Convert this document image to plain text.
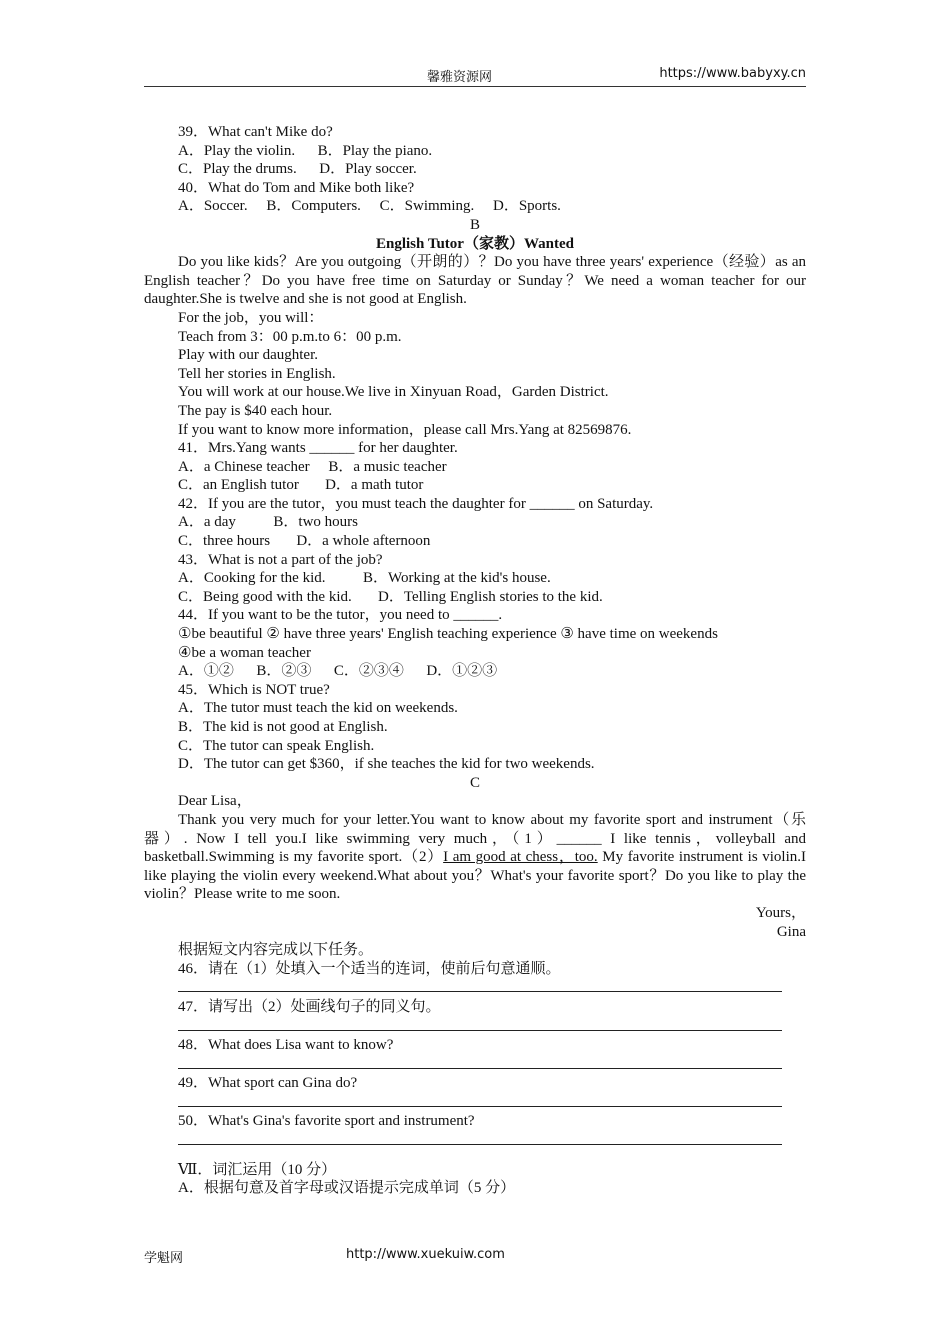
馨雅资源网	https://www.babyxy.cn
39．What can't Mike do?
A．Play the violin.      B．Play the piano.
C．Play the drums.      D．Play soccer.
40．What do Tom and Mike both like?
A．Soccer.     B．Computers.     C．Swimming.     D．Sports.
B
English Tutor（家教）Wanted
Do you like kids？Are you outgoing（开朗的）？Do you have three years' experience（经验）as an English teacher？Do you have free time on Saturday or Sunday？We need a woman teacher for our daughter.She is twelve and she is not good at English.
For the job，you will：
Teach from 3：00 p.m.to 6：00 p.m.
Play with our daughter.
Tell her stories in English.
You will work at our house.We live in Xinyuan Road，Garden District.
The pay is $40 each hour.
If you want to know more information，please call Mrs.Yang at 82569876.
41．Mrs.Yang wants ______ for her daughter.
A．a Chinese teacher     B．a music teacher
C．an English tutor       D．a math tutor
42．If you are the tutor，you must teach the daughter for ______ on Saturday.
A．a day          B．two hours
C．three hours       D．a whole afternoon
43．What is not a part of the job?
A．Cooking for the kid.          B．Working at the kid's house.
C．Being good with the kid.       D．Telling English stories to the kid.
44．If you want to be the tutor，you need to ______.
①be beautiful ② have three years' English teaching experience ③ have time on weekends
④be a woman teacher
A．①②      B．②③      C．②③④      D．①②③
45．Which is NOT true?
A．The tutor must teach the kid on weekends.
B．The kid is not good at English.
C．The tutor can speak English.
D．The tutor can get $360，if she teaches the kid for two weekends.
C
Dear Lisa，
Thank you very much for your letter.You want to know about my favorite sport and instrument（乐器）. Now I tell you.I like swimming very much，（1）______ I like tennis，volleyball and basketball.Swimming is my favorite sport.（2）I am good at chess，too. My favorite instrument is violin.I like playing the violin every weekend.What about you？What's your favorite sport？Do you like to play the violin？Please write to me soon.
Yours，
Gina
根据短文内容完成以下任务。
46．请在（1）处填入一个适当的连词，使前后句意通顺。
47．请写出（2）处画线句子的同义句。
48．What does Lisa want to know?
49．What sport can Gina do?
50．What's Gina's favorite sport and instrument?
Ⅶ．词汇运用（10 分）
A．根据句意及首字母或汉语提示完成单词（5 分）
学魁网	http://www.xuekuiw.com
